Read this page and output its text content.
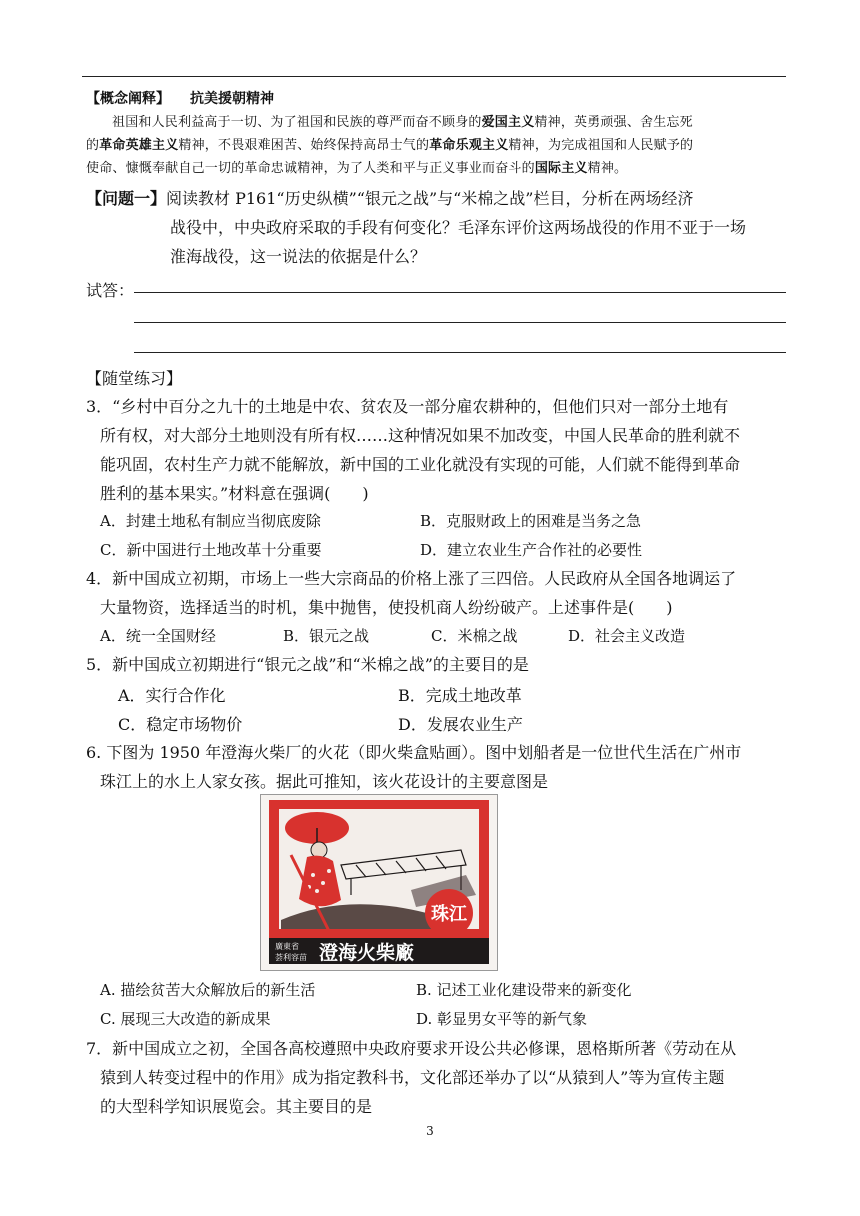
【概念阐释】 抗美援朝精神

祖国和人民利益高于一切、为了祖国和民族的尊严而奋不顾身的爱国主义精神，英勇顽强、舍生忘死

的革命英雄主义精神，不畏艰难困苦、始终保持高昂士气的革命乐观主义精神，为完成祖国和人民赋予的

使命、慷慨奉献自己一切的革命忠诚精神，为了人类和平与正义事业而奋斗的国际主义精神。

【问题一】阅读教材 P161“历史纵横”“银元之战”与“米棉之战”栏目，分析在两场经济
战役中，中央政府采取的手段有何变化？毛泽东评价这两场战役的作用不亚于一场
淮海战役，这一说法的依据是什么？
试答：
【随堂练习】
3．“乡村中百分之九十的土地是中农、贫农及一部分雇农耕种的，但他们只对一部分土地有
所有权，对大部分土地则没有所有权……这种情况如果不加改变，中国人民革命的胜利就不
能巩固，农村生产力就不能解放，新中国的工业化就没有实现的可能，人们就不能得到革命
胜利的基本果实。”材料意在强调(　　)
A．封建土地私有制应当彻底废除	B．克服财政上的困难是当务之急
C．新中国进行土地改革十分重要	D．建立农业生产合作社的必要性
4．新中国成立初期，市场上一些大宗商品的价格上涨了三四倍。人民政府从全国各地调运了
大量物资，选择适当的时机，集中抛售，使投机商人纷纷破产。上述事件是(　　)
A．统一全国财经	B．银元之战	C．米棉之战	D．社会主义改造
5．新中国成立初期进行“银元之战”和“米棉之战”的主要目的是
A．实行合作化	B．完成土地改革
C．稳定市场物价	D．发展农业生产
6. 下图为 1950 年澄海火柴厂的火花（即火柴盒贴画）。图中划船者是一位世代生活在广州市
珠江上的水上人家女孩。据此可推知，该火花设计的主要意图是
珠江
廣東省
荟利容苗 澄海火柴廠
A. 描绘贫苦大众解放后的新生活	B. 记述工业化建设带来的新变化
C. 展现三大改造的新成果	D. 彰显男女平等的新气象
7．新中国成立之初，全国各高校遵照中央政府要求开设公共必修课，恩格斯所著《劳动在从
猿到人转变过程中的作用》成为指定教科书，文化部还举办了以“从猿到人”等为宣传主题
的大型科学知识展览会。其主要目的是
3
